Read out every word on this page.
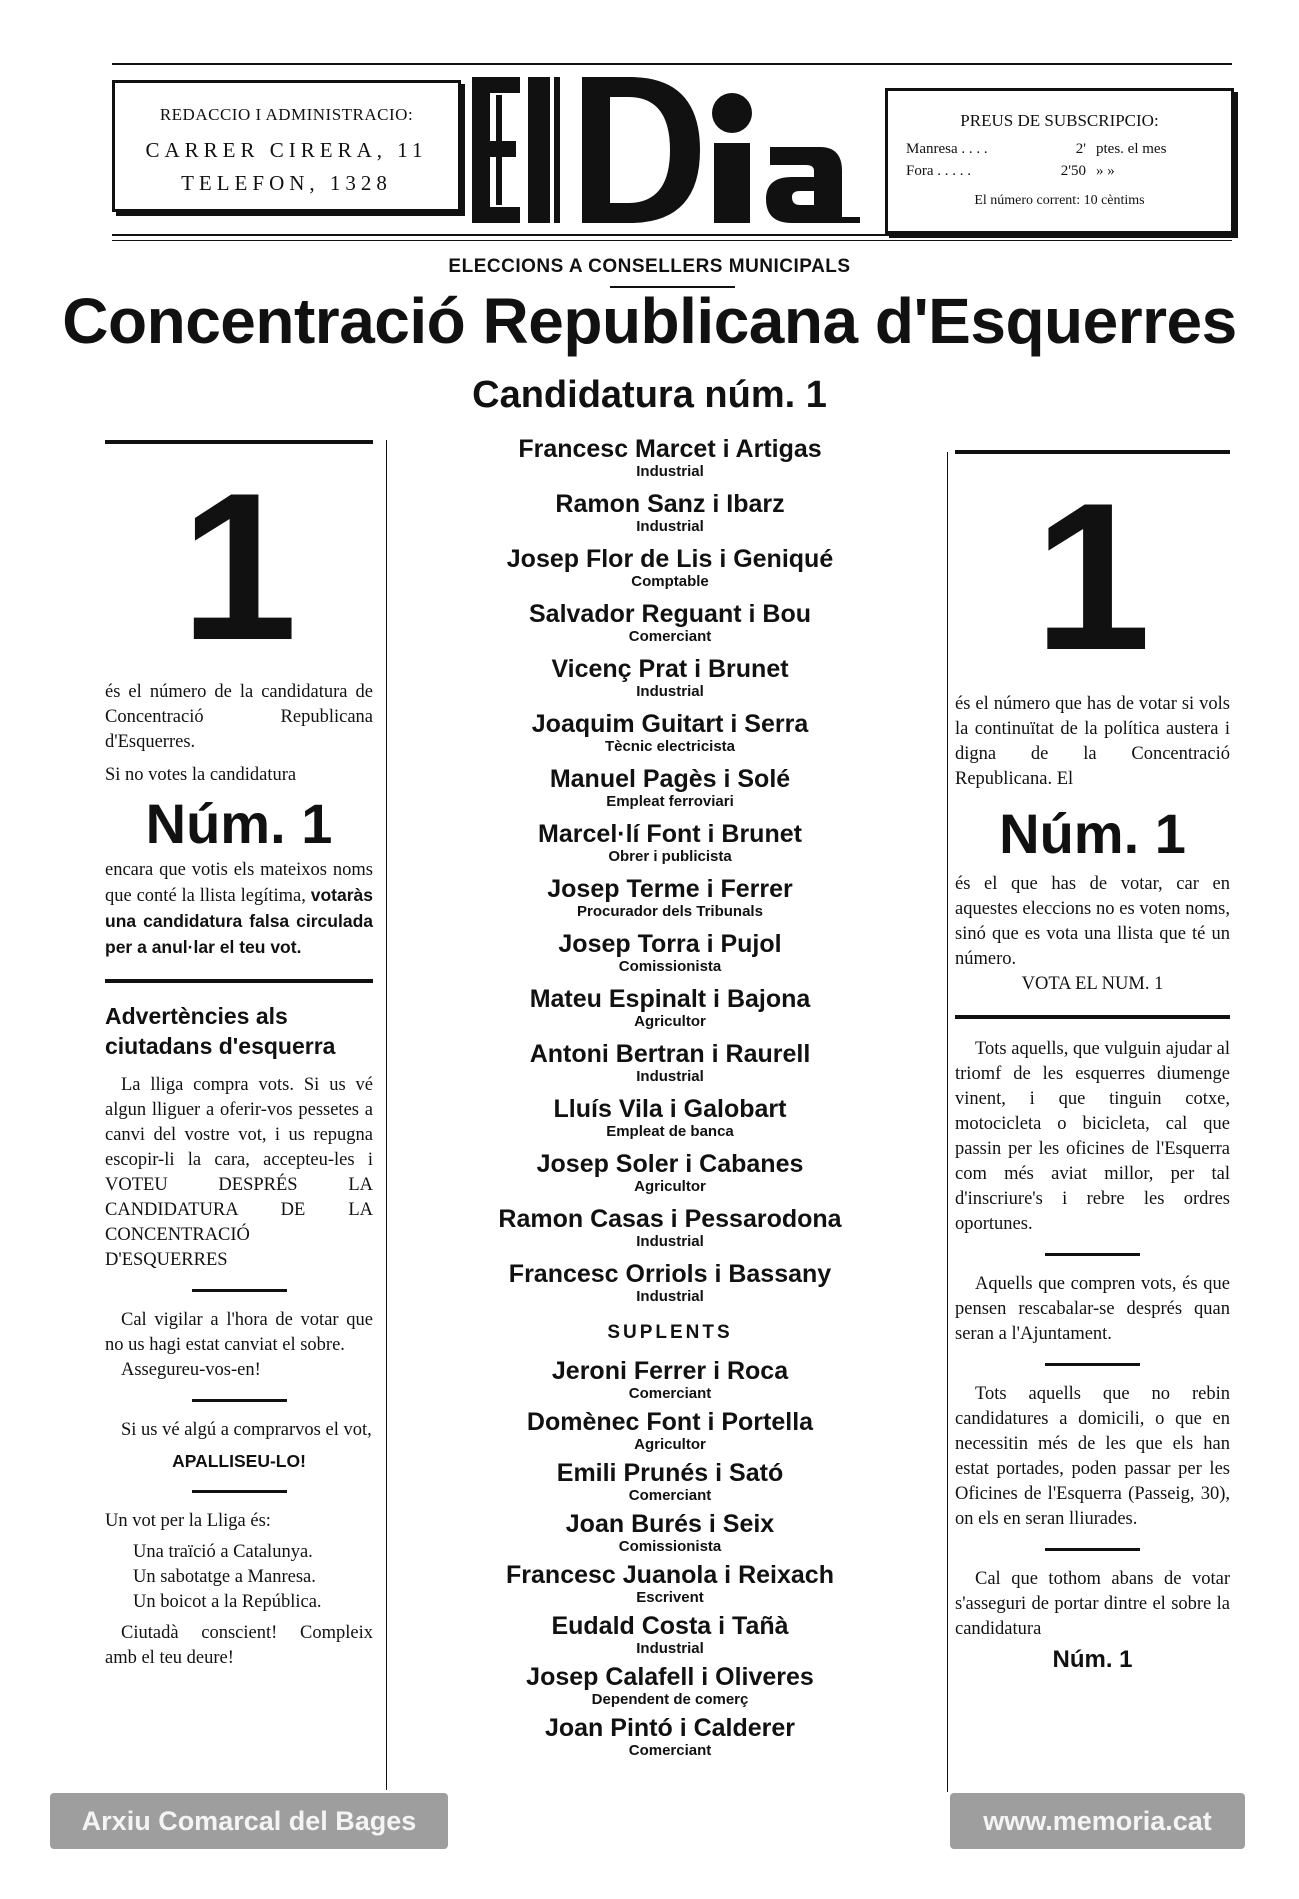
REDACCIO I ADMINISTRACIO:
CARRER CIRERA, 11
TELEFON, 1328
PREUS DE SUBSCRIPCIO:
Manresa . . . .	2' ptes. el mes
Fora . . . . .	2'50 » »
El número corrent: 10 cèntims
ELECCIONS A CONSELLERS MUNICIPALS
Concentració Republicana d'Esquerres
Candidatura núm. 1
1
és el número de la candidatura de Concentració Republicana d'Esquerres.
Si no votes la candidatura
Núm. 1
encara que votis els mateixos noms que conté la llista legítima, votaràs una candidatura falsa circulada per a anul·lar el teu vot.
Advertències als ciutadans d'esquerra
La lliga compra vots. Si us vé algun lliguer a oferir-vos pessetes a canvi del vostre vot, i us repugna escopir-li la cara, accepteu-les i VOTEU DESPRÉS LA CANDIDATURA DE LA CONCENTRACIÓ D'ESQUERRES
Cal vigilar a l'hora de votar que no us hagi estat canviat el sobre.
Assegureu-vos-en!
Si us vé algú a comprarvos el vot,
APALLISEU-LO!
Un vot per la Lliga és:
Una traïció a Catalunya.
Un sabotatge a Manresa.
Un boicot a la República.
Ciutadà conscient! Compleix amb el teu deure!
Francesc Marcet i Artigas
Industrial
Ramon Sanz i Ibarz
Industrial
Josep Flor de Lis i Geniqué
Comptable
Salvador Reguant i Bou
Comerciant
Vicenç Prat i Brunet
Industrial
Joaquim Guitart i Serra
Tècnic electricista
Manuel Pagès i Solé
Empleat ferroviari
Marcel·lí Font i Brunet
Obrer i publicista
Josep Terme i Ferrer
Procurador dels Tribunals
Josep Torra i Pujol
Comissionista
Mateu Espinalt i Bajona
Agricultor
Antoni Bertran i Raurell
Industrial
Lluís Vila i Galobart
Empleat de banca
Josep Soler i Cabanes
Agricultor
Ramon Casas i Pessarodona
Industrial
Francesc Orriols i Bassany
Industrial
SUPLENTS
Jeroni Ferrer i Roca
Comerciant
Domènec Font i Portella
Agricultor
Emili Prunés i Sató
Comerciant
Joan Burés i Seix
Comissionista
Francesc Juanola i Reixach
Escrivent
Eudald Costa i Tañà
Industrial
Josep Calafell i Oliveres
Dependent de comerç
Joan Pintó i Calderer
Comerciant
1
és el número que has de votar si vols la continuïtat de la política austera i digna de la Concentració Republicana. El
Núm. 1
és el que has de votar, car en aquestes eleccions no es voten noms, sinó que es vota una llista que té un número.
VOTA EL NUM. 1
Tots aquells, que vulguin ajudar al triomf de les esquerres diumenge vinent, i que tinguin cotxe, motocicleta o bicicleta, cal que passin per les oficines de l'Esquerra com més aviat millor, per tal d'inscriure's i rebre les ordres oportunes.
Aquells que compren vots, és que pensen rescabalar-se després quan seran a l'Ajuntament.
Tots aquells que no rebin candidatures a domicili, o que en necessitin més de les que els han estat portades, poden passar per les Oficines de l'Esquerra (Passeig, 30), on els en seran lliurades.
Cal que tothom abans de votar s'asseguri de portar dintre el sobre la candidatura
Núm. 1
Arxiu Comarcal del Bages	www.memoria.cat
